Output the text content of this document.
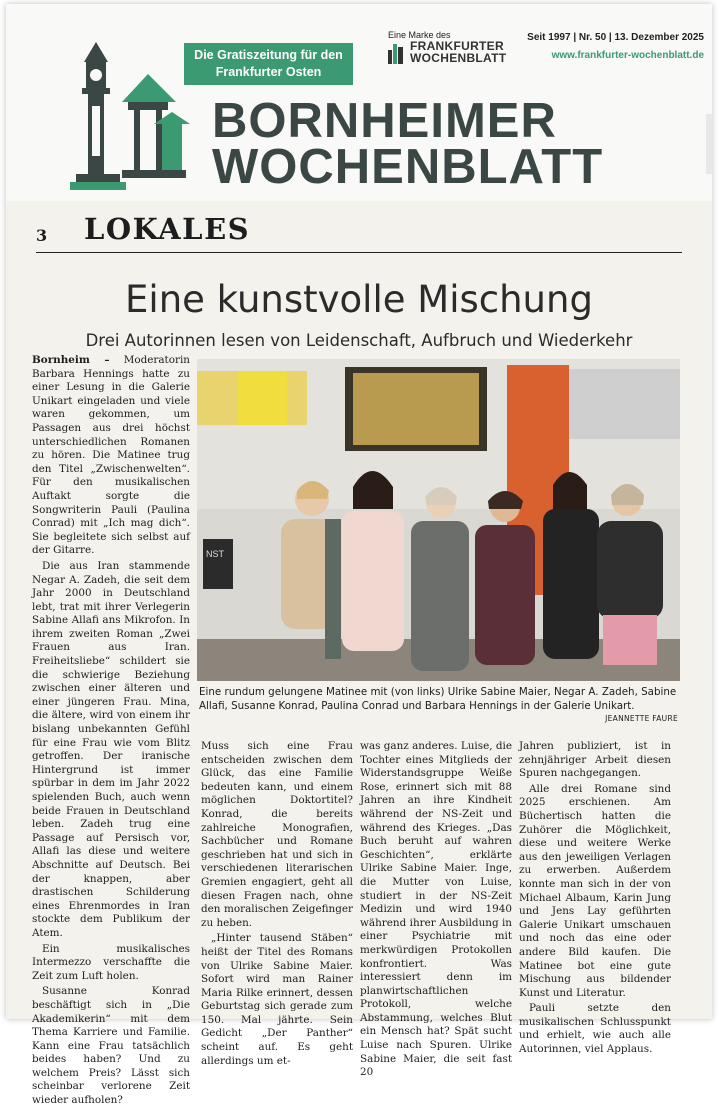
Die Gratiszeitung für den
Frankfurter Osten
Eine Marke des
FRANKFURTER
WOCHENBLATT
Seit 1997 | Nr. 50 | 13. Dezember 2025
www.frankfurter-wochenblatt.de
BORNHEIMER
WOCHENBLATT
3 LOKALES
Eine kunstvolle Mischung
Drei Autorinnen lesen von Leidenschaft, Aufbruch und Wiederkehr

Bornheim – Moderatorin Barbara Hennings hatte zu einer Lesung in die Galerie Unikart eingeladen und viele waren gekommen, um Passagen aus drei höchst unterschiedlichen Romanen zu hören. Die Matinee trug den Titel „Zwischenwelten“. Für den musikalischen Auftakt sorgte die Songwriterin Pauli (Paulina Conrad) mit „Ich mag dich“. Sie begleitete sich selbst auf der Gitarre.

Die aus Iran stammende Negar A. Zadeh, die seit dem Jahr 2000 in Deutschland lebt, trat mit ihrer Verlegerin Sabine Allafi ans Mikrofon. In ihrem zweiten Roman „Zwei Frauen aus Iran. Freiheitsliebe“ schildert sie die schwierige Beziehung zwischen einer älteren und einer jüngeren Frau. Mina, die ältere, wird von einem ihr bislang unbekannten Gefühl für eine Frau wie vom Blitz getroffen. Der iranische Hintergrund ist immer spürbar in dem im Jahr 2022 spielenden Buch, auch wenn beide Frauen in Deutschland leben. Zadeh trug eine Passage auf Persisch vor, Allafi las diese und weitere Abschnitte auf Deutsch. Bei der knappen, aber drastischen Schilderung eines Ehrenmordes in Iran stockte dem Publikum der Atem.

Ein musikalisches Intermezzo verschaffte die Zeit zum Luft holen.

Susanne Konrad beschäftigt sich in „Die Akademikerin“ mit dem Thema Karriere und Familie. Kann eine Frau tatsächlich beides haben? Und zu welchem Preis? Lässt sich scheinbar verlorene Zeit wieder aufholen?

NST
Eine rundum gelungene Matinee mit (von links) Ulrike Sabine Maier, Negar A. Zadeh, Sabine Allafi, Susanne Konrad, Paulina Conrad und Barbara Hennings in der Galerie Unikart.
JEANNETTE FAURE

Muss sich eine Frau entscheiden zwischen dem Glück, das eine Familie bedeuten kann, und einem möglichen Doktortitel? Konrad, die bereits zahlreiche Monografien, Sachbücher und Romane geschrieben hat und sich in verschiedenen literarischen Gremien engagiert, geht all diesen Fragen nach, ohne den moralischen Zeigefinger zu heben.

„Hinter tausend Stäben“ heißt der Titel des Romans von Ulrike Sabine Maier. Sofort wird man Rainer Maria Rilke erinnert, dessen Geburtstag sich gerade zum 150. Mal jährte. Sein Gedicht „Der Panther“ scheint auf. Es geht allerdings um et-

was ganz anderes. Luise, die Tochter eines Mitglieds der Widerstandsgruppe Weiße Rose, erinnert sich mit 88 Jahren an ihre Kindheit während der NS-Zeit und während des Krieges. „Das Buch beruht auf wahren Geschichten“, erklärte Ulrike Sabine Maier. Inge, die Mutter von Luise, studiert in der NS-Zeit Medizin und wird 1940 während ihrer Ausbildung in einer Psychiatrie mit merkwürdigen Protokollen konfrontiert. Was interessiert denn im planwirtschaftlichen Protokoll, welche Abstammung, welches Blut ein Mensch hat? Spät sucht Luise nach Spuren. Ulrike Sabine Maier, die seit fast 20

Jahren publiziert, ist in zehnjähriger Arbeit diesen Spuren nachgegangen.

Alle drei Romane sind 2025 erschienen. Am Büchertisch hatten die Zuhörer die Möglichkeit, diese und weitere Werke aus den jeweiligen Verlagen zu erwerben. Außerdem konnte man sich in der von Michael Albaum, Karin Jung und Jens Lay geführten Galerie Unikart umschauen und noch das eine oder andere Bild kaufen. Die Matinee bot eine gute Mischung aus bildender Kunst und Literatur.

Pauli setzte den musikalischen Schlusspunkt und erhielt, wie auch alle Autorinnen, viel Applaus.
